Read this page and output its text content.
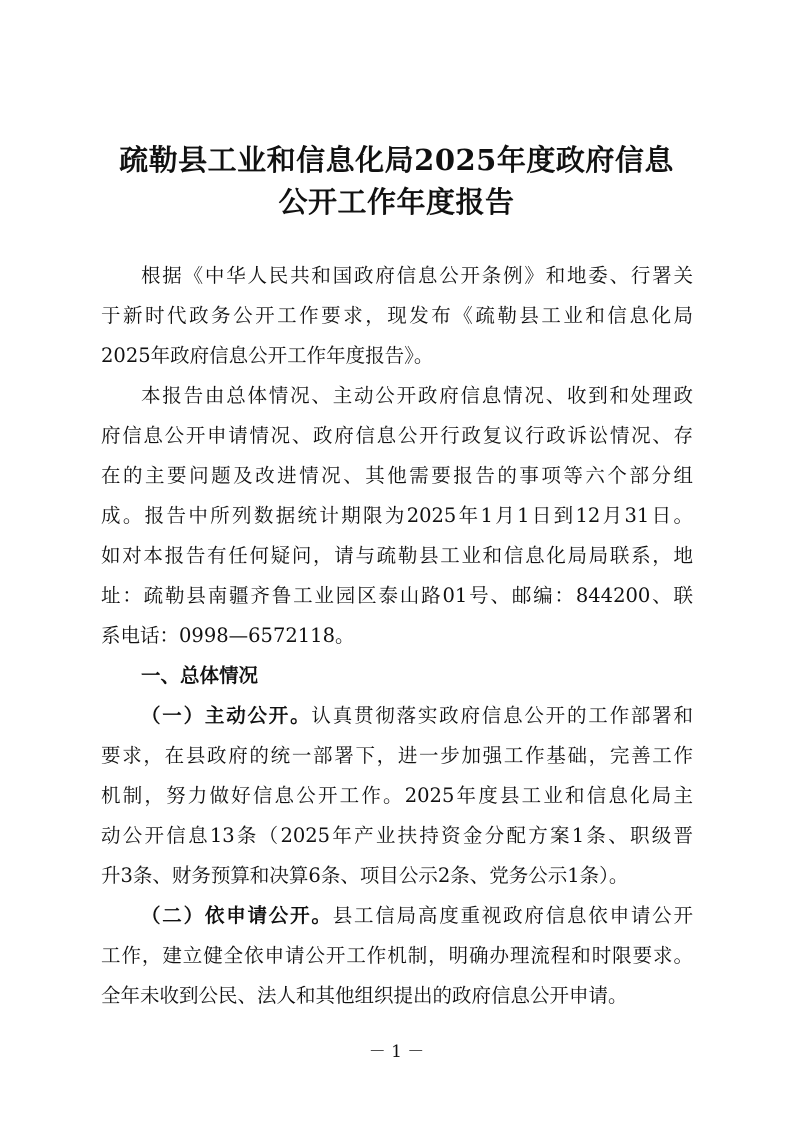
疏勒县工业和信息化局2025年度政府信息
公开工作年度报告
根据《中华人民共和国政府信息公开条例》和地委、行署关
于新时代政务公开工作要求，现发布《疏勒县工业和信息化局
2025年政府信息公开工作年度报告》。
本报告由总体情况、主动公开政府信息情况、收到和处理政
府信息公开申请情况、政府信息公开行政复议行政诉讼情况、存
在的主要问题及改进情况、其他需要报告的事项等六个部分组
成。报告中所列数据统计期限为2025年1月1日到12月31日。
如对本报告有任何疑问，请与疏勒县工业和信息化局局联系，地
址：疏勒县南疆齐鲁工业园区泰山路01号、邮编：844200、联
系电话：0998—6572118。
一、总体情况
（一）主动公开。认真贯彻落实政府信息公开的工作部署和
要求，在县政府的统一部署下，进一步加强工作基础，完善工作
机制，努力做好信息公开工作。2025年度县工业和信息化局主
动公开信息13条（2025年产业扶持资金分配方案1条、职级晋
升3条、财务预算和决算6条、项目公示2条、党务公示1条）。
（二）依申请公开。县工信局高度重视政府信息依申请公开
工作，建立健全依申请公开工作机制，明确办理流程和时限要求。
全年未收到公民、法人和其他组织提出的政府信息公开申请。
－ 1 －
